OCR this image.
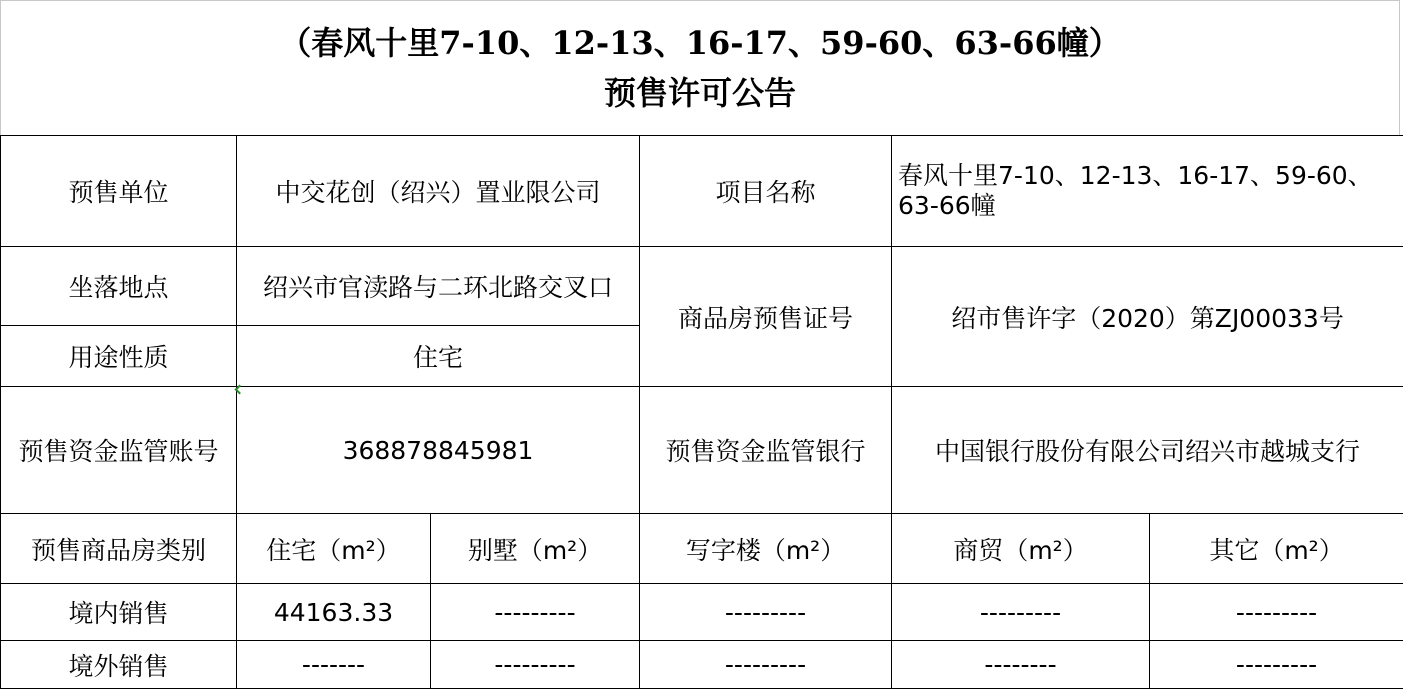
（春风十里7-10、12-13、16-17、59-60、63-66幢）
预售许可公告
预售单位	中交花创（绍兴）置业限公司		项目名称	春风十里7-10、12-13、16-17、59-60、63-66幢	
坐落地点	绍兴市官渎路与二环北路交叉口		商品房预售证号	绍市售许字（2020）第ZJ00033号	
用途性质	住宅				
预售资金监管账号	368878845981		预售资金监管银行	中国银行股份有限公司绍兴市越城支行	
预售商品房类别	住宅（m²）	别墅（m²）	写字楼（m²）	商贸（m²）	其它（m²）
境内销售	44163.33	---------	---------	---------	---------
境外销售	-------	---------	---------	--------	---------
